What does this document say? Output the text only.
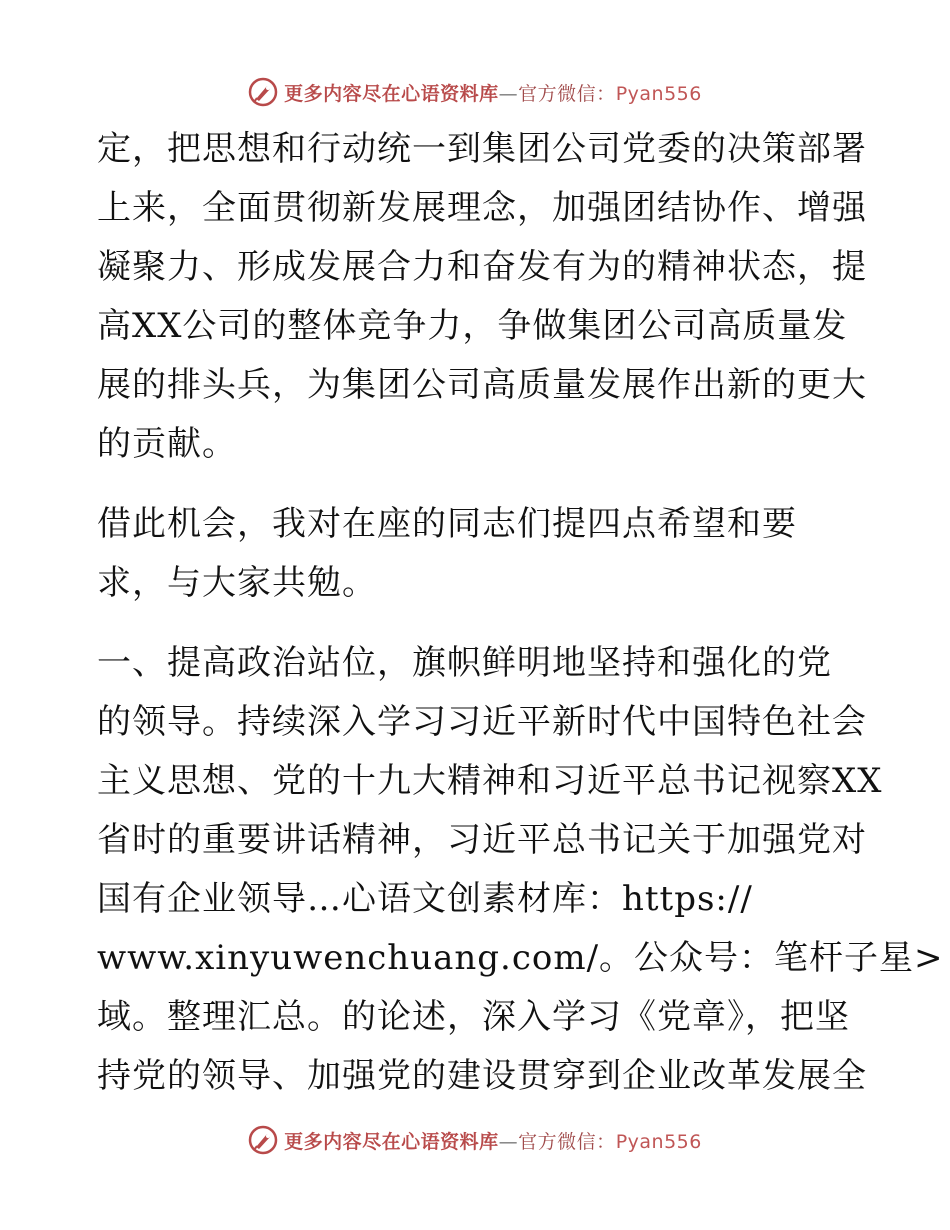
更多内容尽在心语资料库—官方微信：Pyan556
定，把思想和行动统一到集团公司党委的决策部署
上来，全面贯彻新发展理念，加强团结协作、增强
凝聚力、形成发展合力和奋发有为的精神状态，提
高XX公司的整体竞争力，争做集团公司高质量发
展的排头兵，为集团公司高质量发展作出新的更大
的贡献。
借此机会，我对在座的同志们提四点希望和要
求，与大家共勉。
一、提高政治站位，旗帜鲜明地坚持和强化的党
的领导。持续深入学习习近平新时代中国特色社会
主义思想、党的十九大精神和习近平总书记视察XX
省时的重要讲话精神，习近平总书记关于加强党对
国有企业领导…心语文创素材库：https://
www.xinyuwenchuang.com/。公众号：笔杆子星>
域。整理汇总。的论述，深入学习《党章》，把坚
持党的领导、加强党的建设贯穿到企业改革发展全
更多内容尽在心语资料库—官方微信：Pyan556
